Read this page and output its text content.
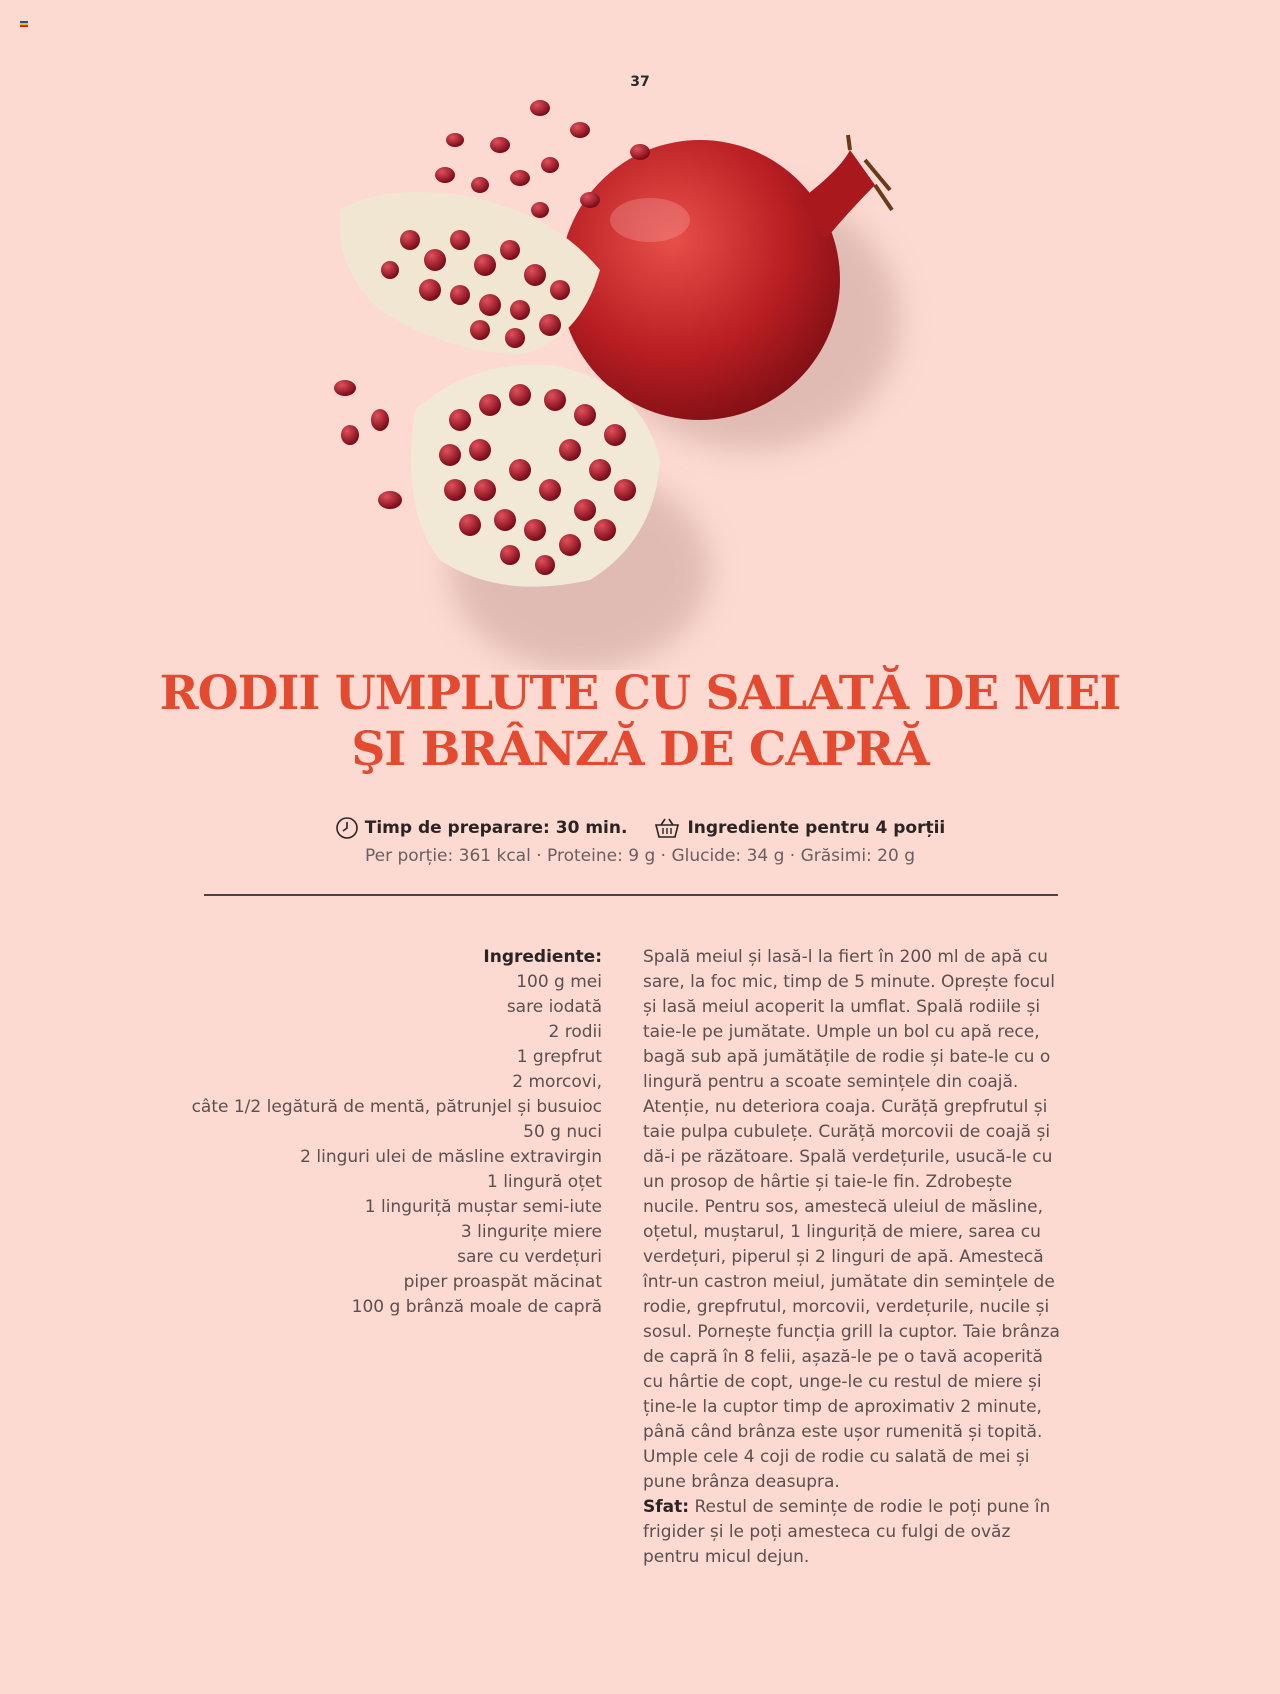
37
RODII UMPLUTE CU SALATĂ DE MEI
ŞI BRÂNZĂ DE CAPRĂ
Timp de preparare: 30 min.	Ingrediente pentru 4 porții
Per porție: 361 kcal · Proteine: 9 g · Glucide: 34 g · Grăsimi: 20 g
Ingrediente:
100 g mei
sare iodată
2 rodii
1 grepfrut
2 morcovi,
câte 1/2 legătură de mentă, pătrunjel și busuioc
50 g nuci
2 linguri ulei de măsline extravirgin
1 lingură oțet
1 linguriță muștar semi-iute
3 lingurițe miere
sare cu verdețuri
piper proaspăt măcinat
100 g brânză moale de capră
Spală meiul și lasă-l la fiert în 200 ml de apă cu sare, la foc mic, timp de 5 minute. Oprește focul și lasă meiul acoperit la umflat. Spală rodiile și taie-le pe jumătate. Umple un bol cu apă rece, bagă sub apă jumătățile de rodie și bate-le cu o lingură pentru a scoate semințele din coajă. Atenție, nu deteriora coaja. Curăță grepfrutul și taie pulpa cubulețe. Curăță morcovii de coajă și dă-i pe răzătoare. Spală verdețurile, usucă-le cu un prosop de hârtie și taie-le fin. Zdrobește nucile. Pentru sos, amestecă uleiul de măsline, oțetul, muștarul, 1 linguriță de miere, sarea cu verdețuri, piperul și 2 linguri de apă. Amestecă într-un castron meiul, jumătate din semințele de rodie, grepfrutul, morcovii, verdețurile, nucile și sosul. Pornește funcția grill la cuptor. Taie brânza de capră în 8 felii, așază-le pe o tavă acoperită cu hârtie de copt, unge-le cu restul de miere și ține-le la cuptor timp de aproximativ 2 minute, până când brânza este ușor rumenită și topită. Umple cele 4 coji de rodie cu salată de mei și pune brânza deasupra.
Sfat: Restul de semințe de rodie le poți pune în frigider și le poți amesteca cu fulgi de ovăz pentru micul dejun.
